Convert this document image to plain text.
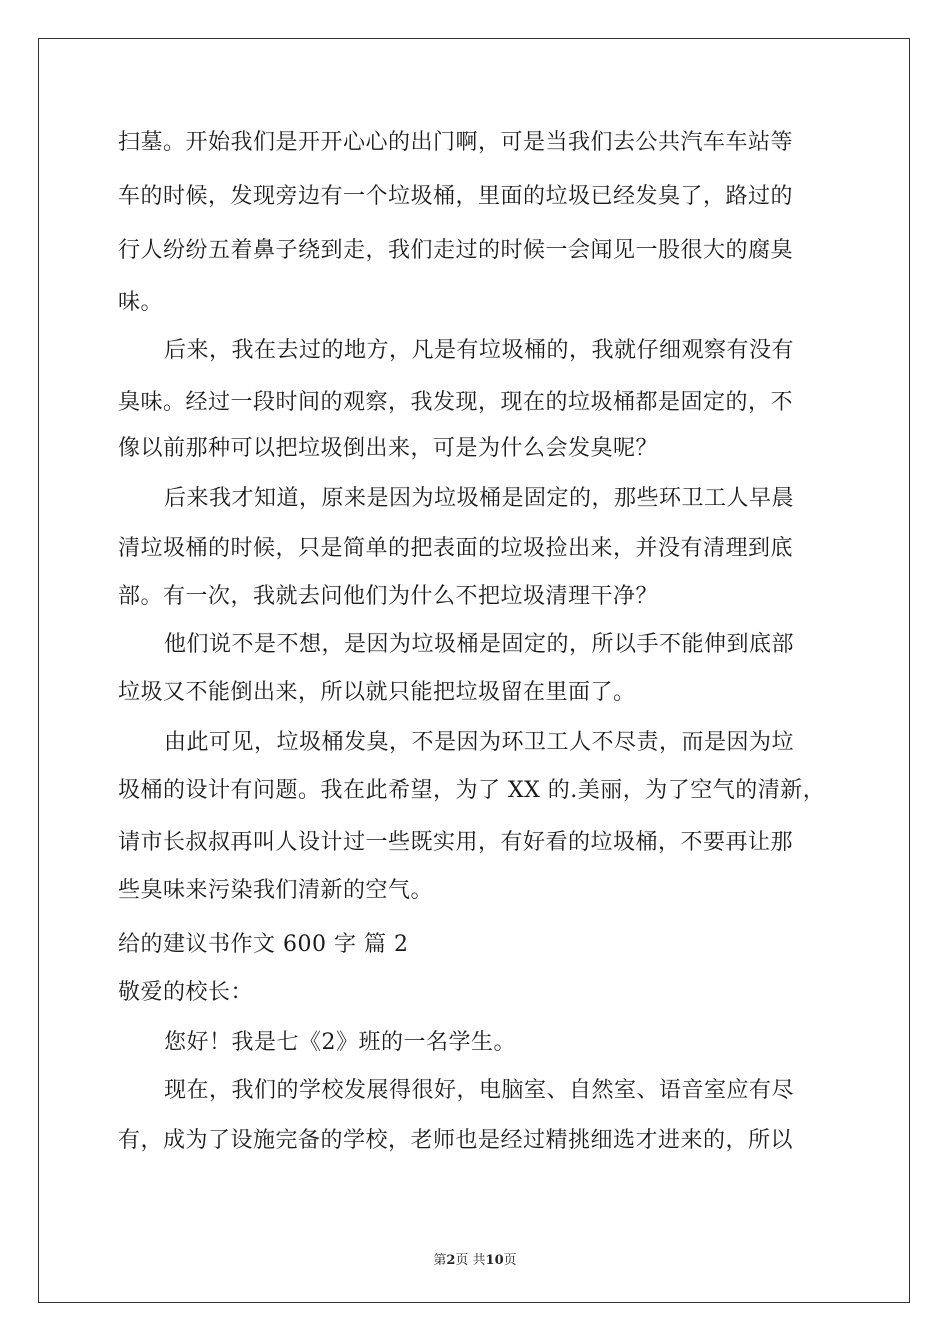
扫墓。开始我们是开开心心的出门啊，可是当我们去公共汽车车站等
车的时候，发现旁边有一个垃圾桶，里面的垃圾已经发臭了，路过的
行人纷纷五着鼻子绕到走，我们走过的时候一会闻见一股很大的腐臭
味。
后来，我在去过的地方，凡是有垃圾桶的，我就仔细观察有没有
臭味。经过一段时间的观察，我发现，现在的垃圾桶都是固定的，不
像以前那种可以把垃圾倒出来，可是为什么会发臭呢？
后来我才知道，原来是因为垃圾桶是固定的，那些环卫工人早晨
清垃圾桶的时候，只是简单的把表面的垃圾捡出来，并没有清理到底
部。有一次，我就去问他们为什么不把垃圾清理干净？
他们说不是不想，是因为垃圾桶是固定的，所以手不能伸到底部
垃圾又不能倒出来，所以就只能把垃圾留在里面了。
由此可见，垃圾桶发臭，不是因为环卫工人不尽责，而是因为垃
圾桶的设计有问题。我在此希望，为了 XX 的.美丽，为了空气的清新，
请市长叔叔再叫人设计过一些既实用，有好看的垃圾桶，不要再让那
些臭味来污染我们清新的空气。
给的建议书作文 600 字 篇 2
敬爱的校长：
您好！我是七《2》班的一名学生。
现在，我们的学校发展得很好，电脑室、自然室、语音室应有尽
有，成为了设施完备的学校，老师也是经过精挑细选才进来的，所以
第2页 共10页
